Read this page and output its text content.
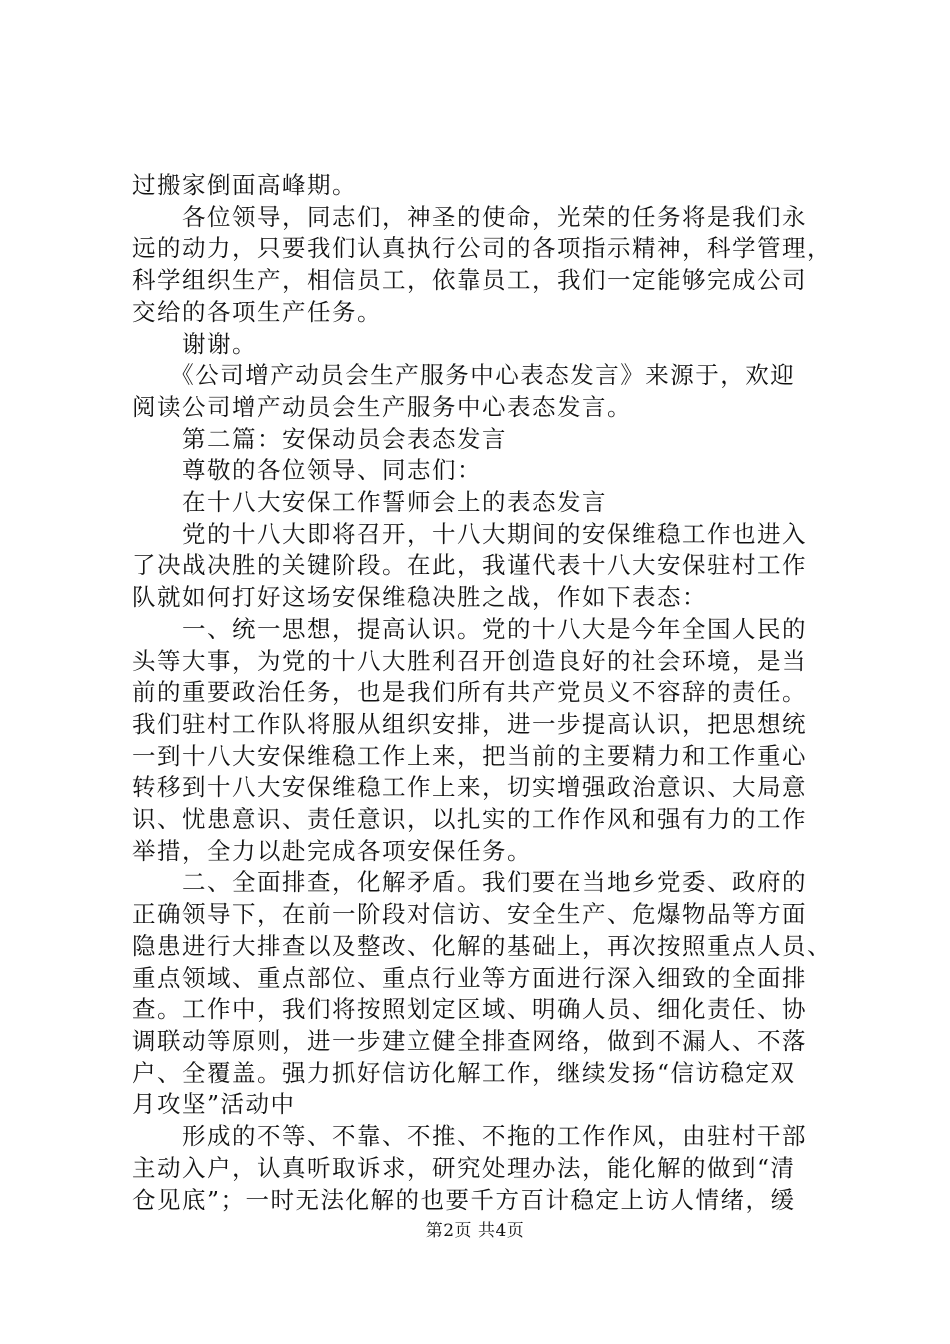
过搬家倒面高峰期。

　　各位领导，同志们，神圣的使命，光荣的任务将是我们永

远的动力，只要我们认真执行公司的各项指示精神，科学管理，

科学组织生产，相信员工，依靠员工，我们一定能够完成公司

交给的各项生产任务。

　　谢谢。

　　《公司增产动员会生产服务中心表态发言》来源于，欢迎

阅读公司增产动员会生产服务中心表态发言。

　　第二篇：安保动员会表态发言

　　尊敬的各位领导、同志们：

　　在十八大安保工作誓师会上的表态发言

　　党的十八大即将召开，十八大期间的安保维稳工作也进入

了决战决胜的关键阶段。在此，我谨代表十八大安保驻村工作

队就如何打好这场安保维稳决胜之战，作如下表态：

　　一、统一思想，提高认识。党的十八大是今年全国人民的

头等大事，为党的十八大胜利召开创造良好的社会环境，是当

前的重要政治任务，也是我们所有共产党员义不容辞的责任。

我们驻村工作队将服从组织安排，进一步提高认识，把思想统

一到十八大安保维稳工作上来，把当前的主要精力和工作重心

转移到十八大安保维稳工作上来，切实增强政治意识、大局意

识、忧患意识、责任意识，以扎实的工作作风和强有力的工作

举措，全力以赴完成各项安保任务。

　　二、全面排查，化解矛盾。我们要在当地乡党委、政府的

正确领导下，在前一阶段对信访、安全生产、危爆物品等方面

隐患进行大排查以及整改、化解的基础上，再次按照重点人员、

重点领域、重点部位、重点行业等方面进行深入细致的全面排

查。工作中，我们将按照划定区域、明确人员、细化责任、协

调联动等原则，进一步建立健全排查网络，做到不漏人、不落

户、全覆盖。强力抓好信访化解工作，继续发扬“信访稳定双

月攻坚”活动中

　　形成的不等、不靠、不推、不拖的工作作风，由驻村干部

主动入户，认真听取诉求，研究处理办法，能化解的做到“清

仓见底”；一时无法化解的也要千方百计稳定上访人情绪，缓

第2页 共4页
